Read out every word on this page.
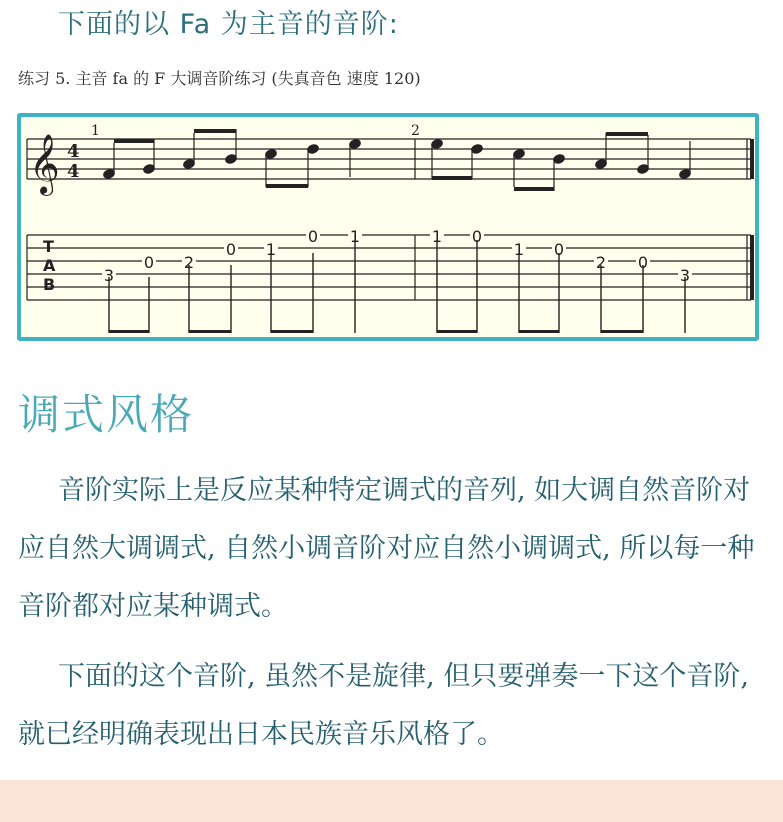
下面的以 Fa 为主音的音阶:
练习 5. 主音 fa 的 F 大调音阶练习 (失真音色 速度 120)
𝄞 4
4
1	2
T
A
B	3
0 2
0 1
0 1	1 0
1 0
2 0
3
调式风格
音阶实际上是反应某种特定调式的音列, 如大调自然音阶对应自然大调调式, 自然小调音阶对应自然小调调式, 所以每一种音阶都对应某种调式。
下面的这个音阶, 虽然不是旋律, 但只要弹奏一下这个音阶, 就已经明确表现出日本民族音乐风格了。
